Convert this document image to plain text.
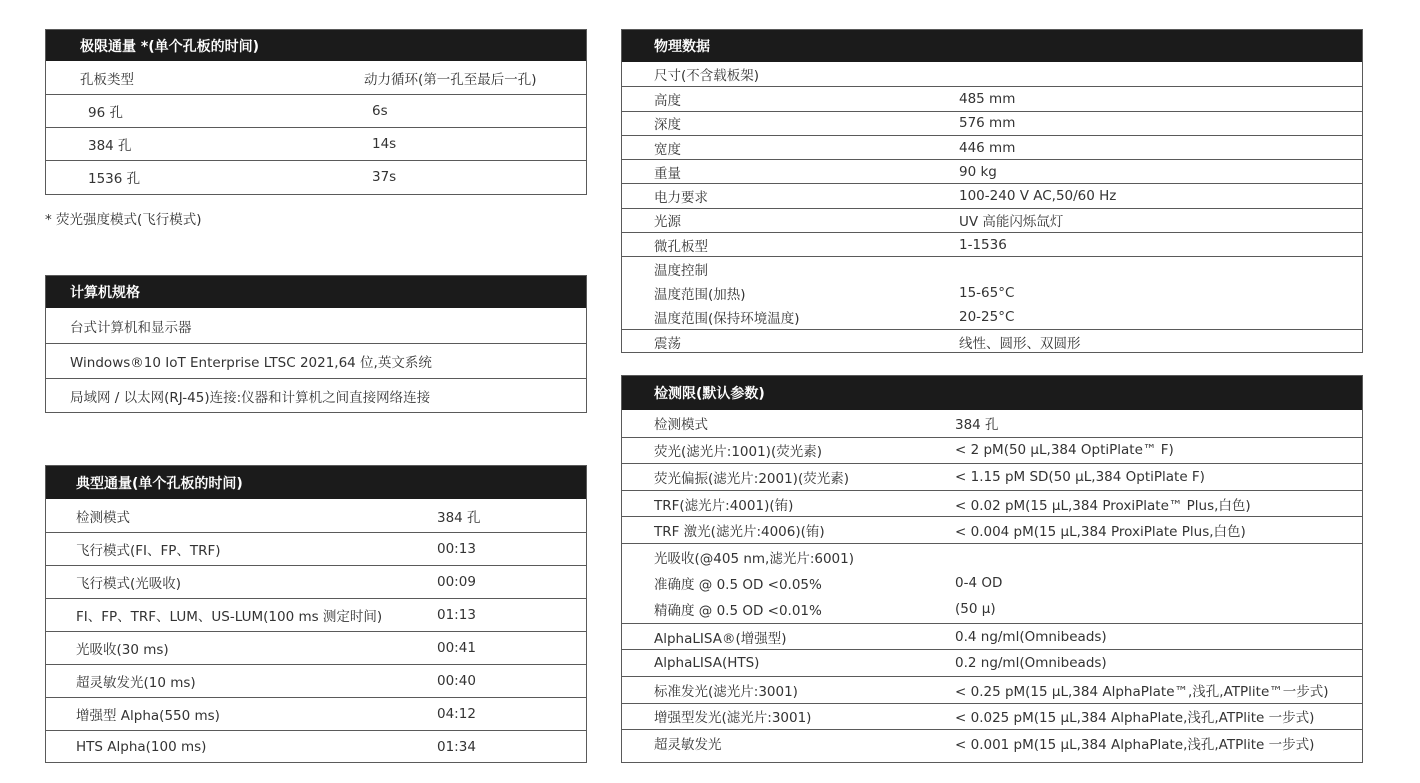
极限通量 *(单个孔板的时间)
孔板类型	动力循环(第一孔至最后一孔)
96 孔	6s
384 孔	14s
1536 孔	37s
* 荧光强度模式(飞行模式)
计算机规格
台式计算机和显示器
Windows®10 IoT Enterprise LTSC 2021,64 位,英文系统
局域网 / 以太网(RJ-45)连接:仪器和计算机之间直接网络连接
典型通量(单个孔板的时间)
检测模式	384 孔
飞行模式(FI、FP、TRF)	00:13
飞行模式(光吸收)	00:09
FI、FP、TRF、LUM、US-LUM(100 ms 测定时间)	01:13
光吸收(30 ms)	00:41
超灵敏发光(10 ms)	00:40
增强型 Alpha(550 ms)	04:12
HTS Alpha(100 ms)	01:34
物理数据
尺寸(不含载板架)
高度	485 mm
深度	576 mm
宽度	446 mm
重量	90 kg
电力要求	100-240 V AC,50/60 Hz
光源	UV 高能闪烁氙灯
微孔板型	1-1536
温度控制
温度范围(加热)	15-65°C
温度范围(保持环境温度)	20-25°C
震荡	线性、圆形、双圆形
检测限(默认参数)
检测模式	384 孔
荧光(滤光片:1001)(荧光素)	< 2 pM(50 µL,384 OptiPlate™ F)
荧光偏振(滤光片:2001)(荧光素)	< 1.15 pM SD(50 µL,384 OptiPlate F)
TRF(滤光片:4001)(铕)	< 0.02 pM(15 µL,384 ProxiPlate™ Plus,白色)
TRF 激光(滤光片:4006)(铕)	< 0.004 pM(15 µL,384 ProxiPlate Plus,白色)
光吸收(@405 nm,滤光片:6001)
准确度 @ 0.5 OD <0.05%	0-4 OD
精确度 @ 0.5 OD <0.01%	(50 µ)
AlphaLISA®(增强型)	0.4 ng/ml(Omnibeads)
AlphaLISA(HTS)	0.2 ng/ml(Omnibeads)
标准发光(滤光片:3001)	< 0.25 pM(15 µL,384 AlphaPlate™,浅孔,ATPlite™一步式)
增强型发光(滤光片:3001)	< 0.025 pM(15 µL,384 AlphaPlate,浅孔,ATPlite 一步式)
超灵敏发光	< 0.001 pM(15 µL,384 AlphaPlate,浅孔,ATPlite 一步式)
